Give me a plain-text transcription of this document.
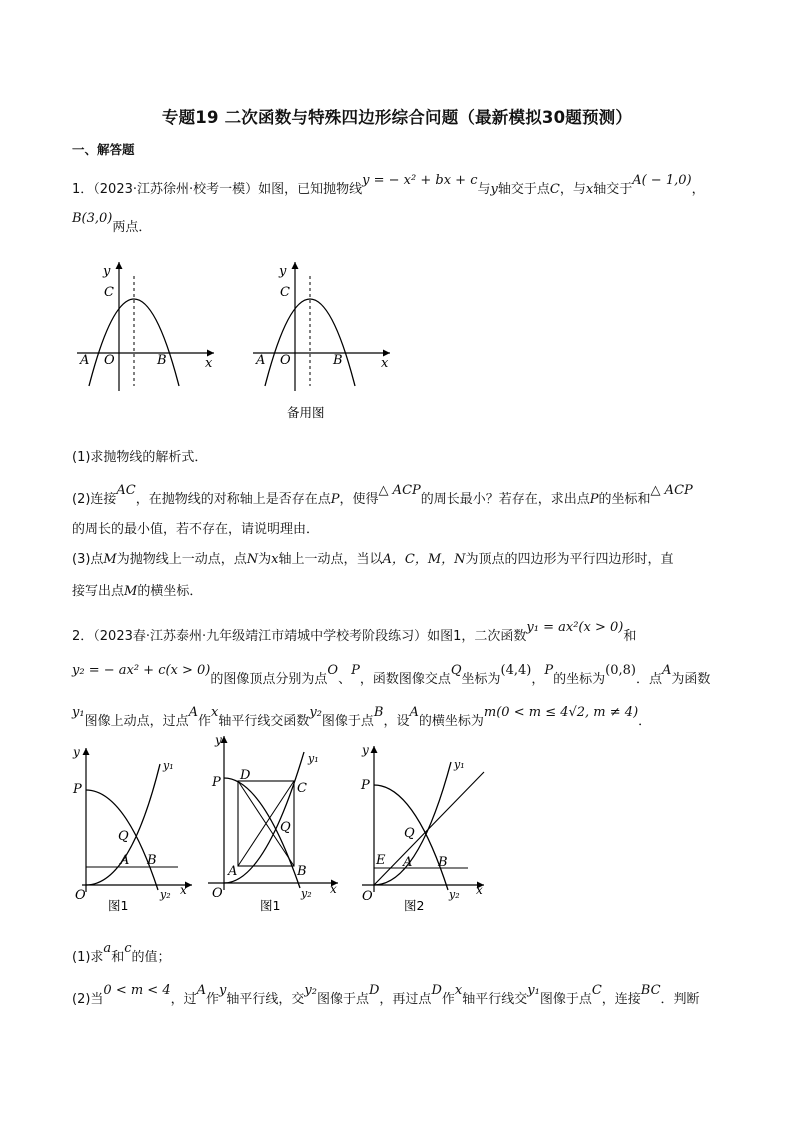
专题19 二次函数与特殊四边形综合问题（最新模拟30题预测）
一、解答题
1．（2023·江苏徐州·校考一模）如图，已知抛物线y = − x² + bx + c与y轴交于点C，与x轴交于A( − 1,0)，
B(3,0)两点．
y
C
A O	B	x
y
C
A O	B	x
备用图
(1)求抛物线的解析式．
(2)连接AC，在抛物线的对称轴上是否存在点P，使得△ ACP的周长最小？若存在，求出点P的坐标和△ ACP
的周长的最小值，若不存在，请说明理由．
(3)点M为抛物线上一动点，点N为x轴上一动点，当以A，C，M，N为顶点的四边形为平行四边形时，直
接写出点M的横坐标．
2．（2023春·江苏泰州·九年级靖江市靖城中学校考阶段练习）如图1，二次函数y₁ = ax²(x > 0)和
y₂ = − ax² + c(x > 0)的图像顶点分别为点O、P，函数图像交点Q坐标为(4,4)，P的坐标为(0,8)．点A为函数
y₁图像上动点，过点A作x轴平行线交函数y₂图像于点B，设A的横坐标为m(0 < m ≤ 4√2, m ≠ 4)．
y
y₁
P
Q
A B
O	x
y₂
图1
y
y₁
P D
C
Q
A	B
O	x
y₂
图1
y
y₁
P
Q
E A B
O	x
y₂
图2
(1)求a和c的值；
(2)当0 < m < 4，过A作y轴平行线，交y₂图像于点D，再过点D作x轴平行线交y₁图像于点C，连接BC．判断
